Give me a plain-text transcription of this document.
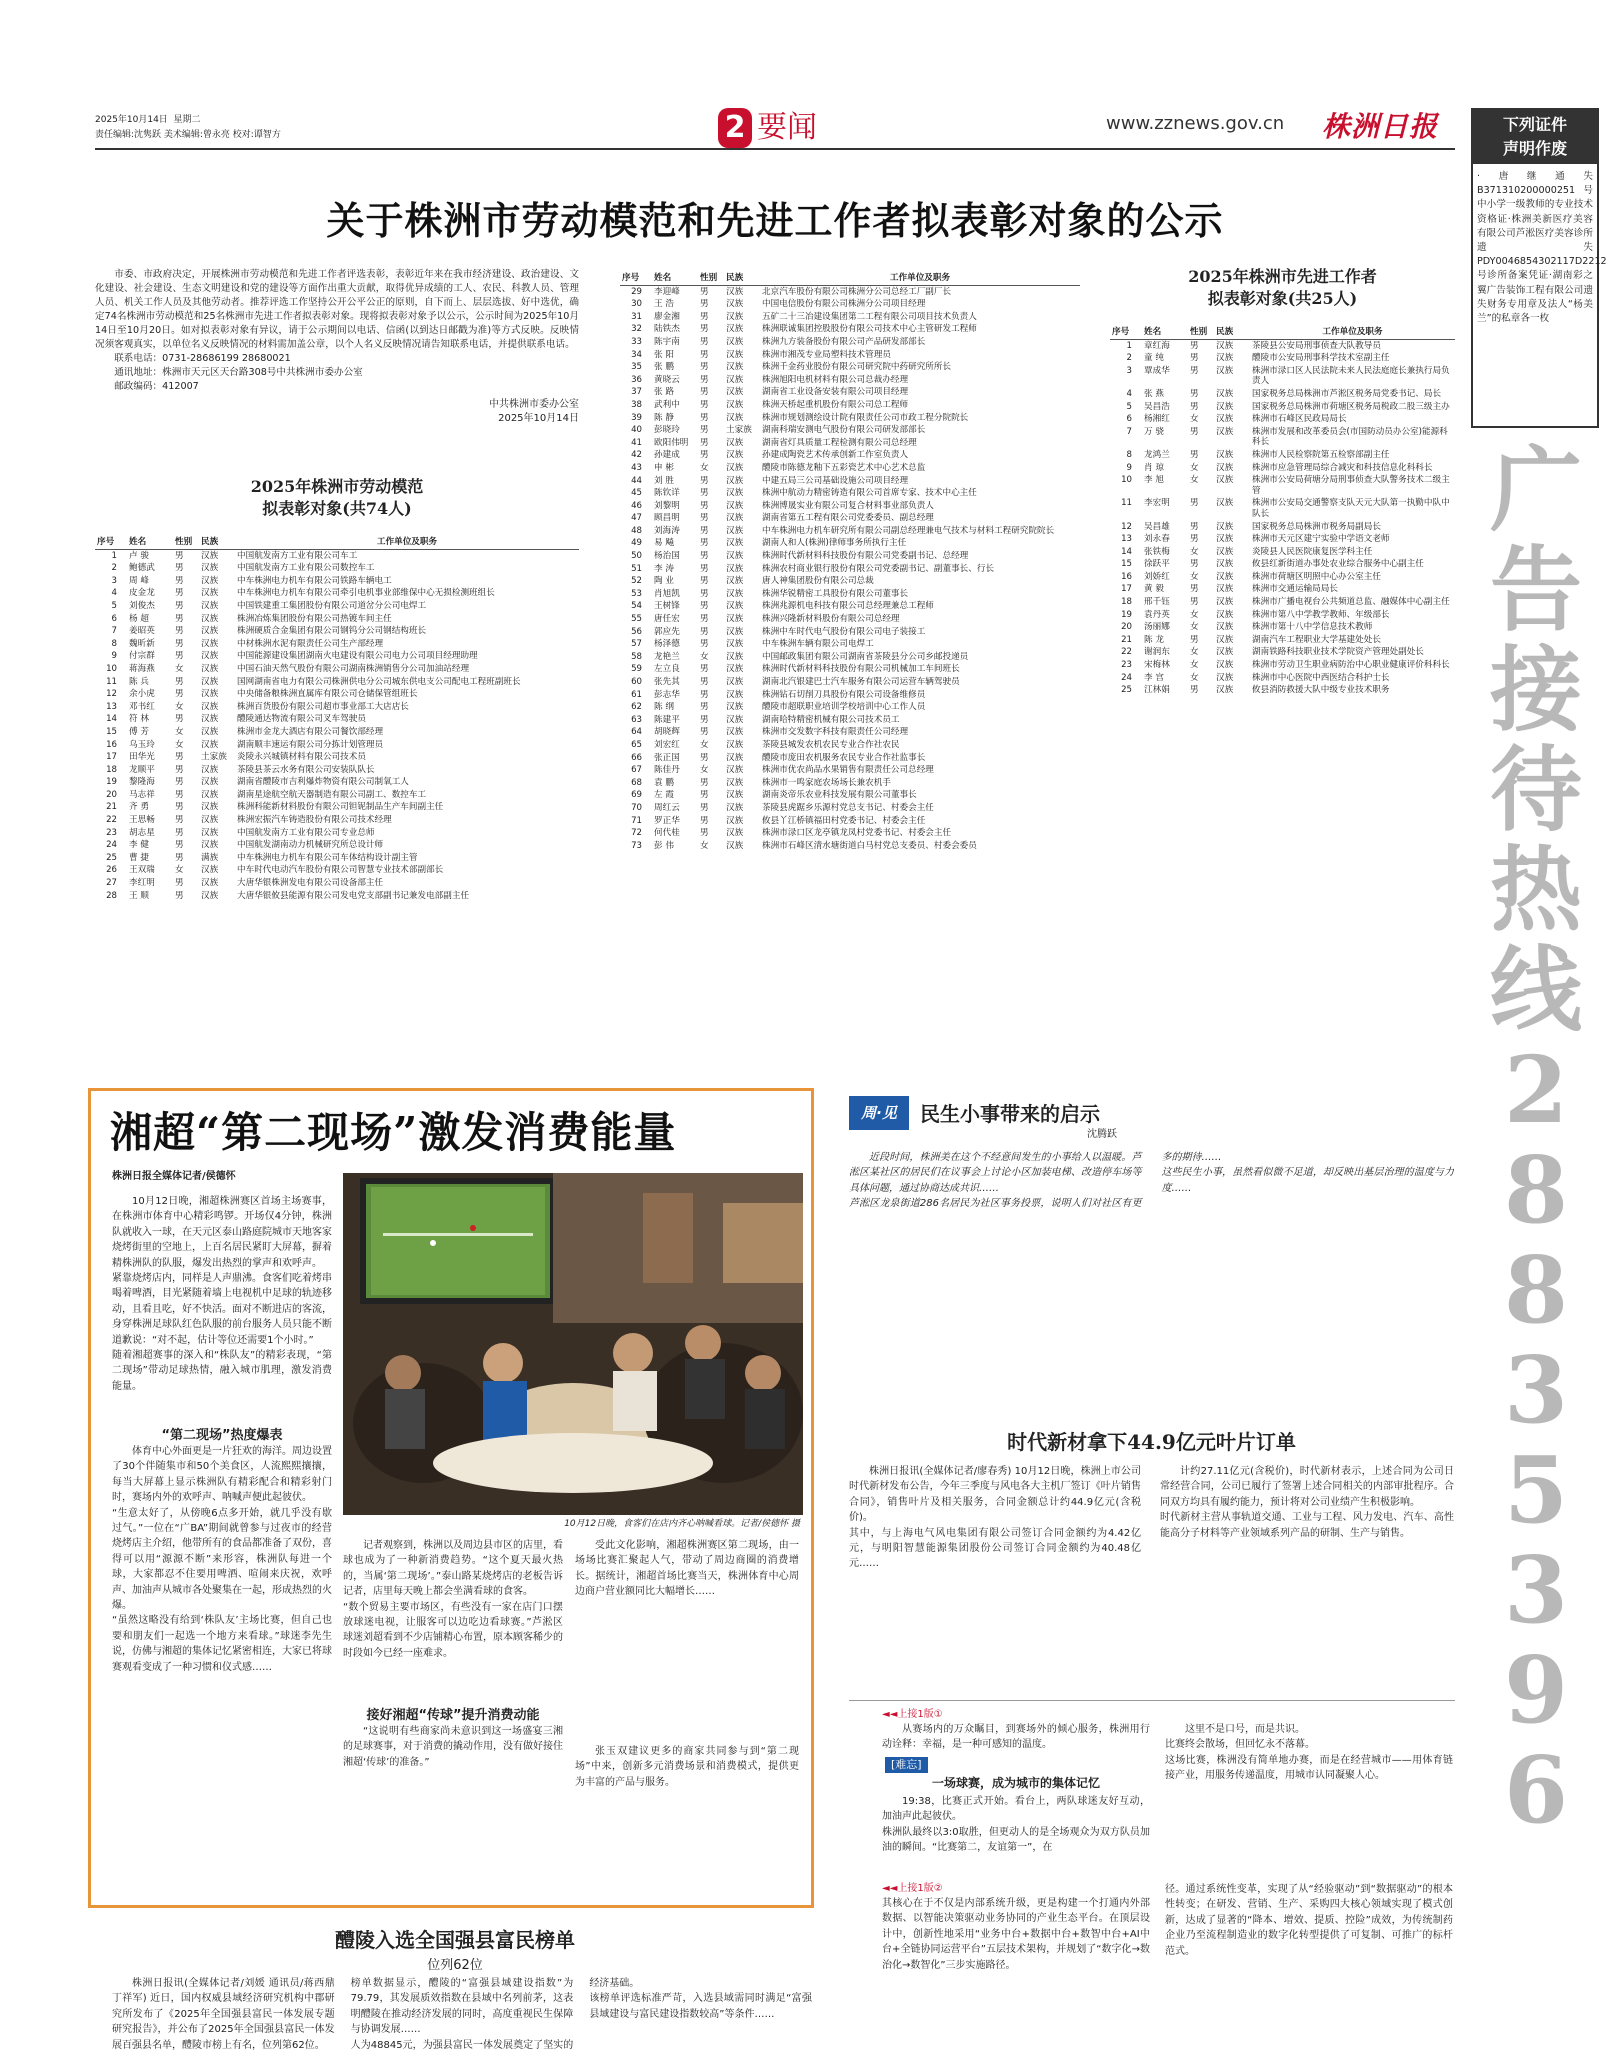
2025年10月14日 星期二
责任编辑:沈隽跃 美术编辑:曾永亮 校对:谭智方	2 要闻	www.zznews.gov.cn 株洲日报	下列证件
声明作废
·唐继通失B371310200000251号中小学一级教师的专业技术资格证·株洲美新医疗美容有限公司芦淞医疗美容诊所遗失PDY0046854302117D2212号诊所备案凭证·湖南彩之翼广告装饰工程有限公司遗失财务专用章及法人“杨美兰”的私章各一枚
广告接待热线28835396
关于株洲市劳动模范和先进工作者拟表彰对象的公示
市委、市政府决定，开展株洲市劳动模范和先进工作者评选表彰，表彰近年来在我市经济建设、政治建设、文化建设、社会建设、生态文明建设和党的建设等方面作出重大贡献，取得优异成绩的工人、农民、科教人员、管理人员、机关工作人员及其他劳动者。推荐评选工作坚持公开公平公正的原则，自下而上、层层选拔、好中选优，确定74名株洲市劳动模范和25名株洲市先进工作者拟表彰对象。现将拟表彰对象予以公示，公示时间为2025年10月14日至10月20日。如对拟表彰对象有异议，请于公示期间以电话、信函(以到达日邮戳为准)等方式反映。反映情况须客观真实，以单位名义反映情况的材料需加盖公章，以个人名义反映情况请告知联系电话，并提供联系电话。
联系电话：0731-28686199 28680021
通讯地址：株洲市天元区天台路308号中共株洲市委办公室
邮政编码：412007
中共株洲市委办公室
2025年10月14日
2025年株洲市劳动模范
拟表彰对象(共74人)
序号	姓名	性别	民族	工作单位及职务
1	卢 骏	男	汉族	中国航发南方工业有限公司车工
2	鲍德武	男	汉族	中国航发南方工业有限公司数控车工
3	周 峰	男	汉族	中车株洲电力机车有限公司铁路车辆电工
4	皮金龙	男	汉族	中车株洲电力机车有限公司牵引电机事业部维保中心无损检测班组长
5	刘俊杰	男	汉族	中国铁建重工集团股份有限公司道岔分公司电焊工
6	杨 超	男	汉族	株洲冶炼集团股份有限公司热镀车间主任
7	姜昭英	男	汉族	株洲硬质合金集团有限公司钢钨分公司钢结构班长
8	魏昕新	男	汉族	中材株洲水泥有限责任公司生产部经理
9	付宗群	男	汉族	中国能源建设集团湖南火电建设有限公司电力公司项目经理助理
10	蒋海燕	女	汉族	中国石油天然气股份有限公司湖南株洲销售分公司加油站经理
11	陈 兵	男	汉族	国网湖南省电力有限公司株洲供电分公司城东供电支公司配电工程班副班长
12	余小虎	男	汉族	中央储备粮株洲直属库有限公司仓储保管组班长
13	邓书红	女	汉族	株洲百货股份有限公司超市事业部工大店店长
14	符 林	男	汉族	醴陵通达物流有限公司叉车驾驶员
15	傅 芳	女	汉族	株洲市金龙大酒店有限公司餐饮部经理
16	乌玉玲	女	汉族	湖南顺丰速运有限公司分拣计划管理员
17	田华光	男	土家族	炎陵永兴城镇材料有限公司技术员
18	龙顺平	男	汉族	茶陵县茶云水务有限公司安装队队长
19	黎隆海	男	汉族	湖南省醴陵市吉利爆炸物资有限公司制氧工人
20	马志祥	男	汉族	湖南星途航空航天器制造有限公司副工、数控车工
21	齐 勇	男	汉族	株洲科能新材料股份有限公司钽铌制品生产车间副主任
22	王思畅	男	汉族	株洲宏振汽车铸造股份有限公司技术经理
23	胡志星	男	汉族	中国航发南方工业有限公司专业总师
24	李 健	男	汉族	中国航发湖南动力机械研究所总设计师
25	曹 捷	男	满族	中车株洲电力机车有限公司车体结构设计副主管
26	王双瑞	女	汉族	中车时代电动汽车股份有限公司智慧专业技术部副部长
27	李红明	男	汉族	大唐华银株洲发电有限公司设备部主任
28	王 顺	男	汉族	大唐华银攸县能源有限公司发电党支部副书记兼发电部副主任
序号	姓名	性别	民族	工作单位及职务
29	李迎峰	男	汉族	北京汽车股份有限公司株洲分公司总经工厂副厂长
30	王 浩	男	汉族	中国电信股份有限公司株洲分公司项目经理
31	廖金湘	男	汉族	五矿二十三冶建设集团第二工程有限公司项目技术负责人
32	陆铁杰	男	汉族	株洲联诚集团控股股份有限公司技术中心主管研发工程师
33	陈宇南	男	汉族	株洲九方装备股份有限公司产品研发部部长
34	张 阳	男	汉族	株洲市湘茂专业局塑料技术管理员
35	张 鹏	男	汉族	株洲千金药业股份有限公司研究院中药研究所所长
36	黄晓云	男	汉族	株洲旭阳电机材料有限公司总裁办经理
37	张 路	男	汉族	湖南省工业设备安装有限公司项目经理
38	武利中	男	汉族	株洲天桥起重机股份有限公司总工程师
39	陈 静	男	汉族	株洲市规划测绘设计院有限责任公司市政工程分院院长
40	彭晓玲	男	土家族	湖南科瑞安测电气股份有限公司研发部部长
41	欧阳伟明	男	汉族	湖南省灯具质量工程检测有限公司总经理
42	孙建成	男	汉族	孙建成陶瓷艺术传承创新工作室负责人
43	申 彬	女	汉族	醴陵市陈德龙釉下五彩瓷艺术中心艺术总监
44	刘 胜	男	汉族	中建五局三公司基础设施公司项目经理
45	陈钦详	男	汉族	株洲中航动力精密铸造有限公司首席专家、技术中心主任
46	刘黎明	男	汉族	株洲博晟实业有限公司复合材料事业部负责人
47	顾昌明	男	汉族	湖南省第五工程有限公司党委委员、副总经理
48	刘海涛	男	汉族	中车株洲电力机车研究所有限公司副总经理兼电气技术与材料工程研究院院长
49	易 飚	男	汉族	湖南人和人(株洲)律师事务所执行主任
50	杨治国	男	汉族	株洲时代新材料科技股份有限公司党委副书记、总经理
51	李 涛	男	汉族	株洲农村商业银行股份有限公司党委副书记、副董事长、行长
52	陶 业	男	汉族	唐人神集团股份有限公司总裁
53	肖旭凯	男	汉族	株洲华锐精密工具股份有限公司董事长
54	王树锋	男	汉族	株洲兆源机电科技有限公司总经理兼总工程师
55	唐任宏	男	汉族	株洲兴隆新材料股份有限公司总经理
56	郭应先	男	汉族	株洲中车时代电气股份有限公司电子装接工
57	杨泽德	男	汉族	中车株洲车辆有限公司电焊工
58	龙艳兰	女	汉族	中国邮政集团有限公司湖南省茶陵县分公司乡邮投递员
59	左立良	男	汉族	株洲时代新材料科技股份有限公司机械加工车间班长
60	张先其	男	汉族	湖南北汽银建巴士汽车服务有限公司运营车辆驾驶员
61	彭志华	男	汉族	株洲钻石切削刀具股份有限公司设备维修员
62	陈 纲	男	汉族	醴陵市超联职业培训学校培训中心工作人员
63	陈建平	男	汉族	湖南哈特精密机械有限公司技术员工
64	胡晓辉	男	汉族	株洲市交发数字科技有限责任公司经理
65	刘宏红	女	汉族	茶陵县城发农机农民专业合作社农民
66	张正国	男	汉族	醴陵市庞田农机服务农民专业合作社监事长
67	陈佳丹	女	汉族	株洲市优农尚品水果销售有限责任公司总经理
68	袁 鹏	男	汉族	株洲市一鸣家庭农场场长兼农机手
69	左 霞	男	汉族	湖南炎帝乐农业科技发展有限公司董事长
70	周红云	男	汉族	茶陵县虎踞乡乐源村党总支书记、村委会主任
71	罗正华	男	汉族	攸县丫江桥镇福田村党委书记、村委会主任
72	何代桂	男	汉族	株洲市渌口区龙亭镇龙凤村党委书记、村委会主任
73	彭 伟	女	汉族	株洲市石峰区清水塘街道白马村党总支委员、村委会委员
2025年株洲市先进工作者
拟表彰对象(共25人)
序号	姓名	性别	民族	工作单位及职务
1	章红海	男	汉族	茶陵县公安局刑事侦查大队教导员
2	童 纯	男	汉族	醴陵市公安局刑事科学技术室副主任
3	覃成华	男	汉族	株洲市渌口区人民法院未来人民法庭庭长兼执行局负责人
4	张 燕	男	汉族	国家税务总局株洲市芦淞区税务局党委书记、局长
5	吴昌浩	男	汉族	国家税务总局株洲市荷塘区税务局税政二股三级主办
6	杨湘红	女	汉族	株洲市石峰区民政局局长
7	万 骁	男	汉族	株洲市发展和改革委员会(市国防动员办公室)能源科科长
8	龙鸿兰	男	汉族	株洲市人民检察院第五检察部副主任
9	肖 琼	女	汉族	株洲市应急管理局综合减灾和科技信息化科科长
10	李 旭	女	汉族	株洲市公安局荷塘分局刑事侦查大队警务技术二级主管
11	李宏明	男	汉族	株洲市公安局交通警察支队天元大队第一执勤中队中队长
12	吴昌雄	男	汉族	国家税务总局株洲市税务局副局长
13	刘永春	男	汉族	株洲市天元区建宁实验中学语文老师
14	张铁梅	女	汉族	炎陵县人民医院康复医学科主任
15	徐跃平	男	汉族	攸县红新街道办事处农业综合服务中心副主任
16	刘娇红	女	汉族	株洲市荷塘区明照中心办公室主任
17	黄 毅	男	汉族	株洲市交通运输局局长
18	邢千钰	男	汉族	株洲市广播电视台公共频道总监、融媒体中心副主任
19	袁丹英	女	汉族	株洲市第八中学教学教师、年级部长
20	汤丽娜	女	汉族	株洲市第十八中学信息技术教师
21	陈 龙	男	汉族	湖南汽车工程职业大学基建处处长
22	谢润东	女	汉族	湖南铁路科技职业技术学院资产管理处副处长
23	宋梅林	女	汉族	株洲市劳动卫生职业病防治中心职业健康评价科科长
24	李 宫	女	汉族	株洲市中心医院中西医结合科护士长
25	江林娟	男	汉族	攸县消防救援大队中级专业技术职务
湘超“第二现场”激发消费能量
株洲日报全媒体记者/侯德怀
10月12日晚，湘超株洲赛区首场主场赛事，在株洲市体育中心精彩鸣锣。开场仅4分钟，株洲队就收入一球，在天元区泰山路庭院城市天地客家烧烤街里的空地上，上百名居民紧盯大屏幕，摒着精株洲队的队服，爆发出热烈的掌声和欢呼声。
紧靠烧烤店内，同样是人声鼎沸。食客们吃着烤串喝着啤酒，目光紧随着墙上电视机中足球的轨迹移动，且看且吃，好不快活。面对不断进店的客流，身穿株洲足球队红色队服的前台服务人员只能不断道歉说：“对不起，估计等位还需要1个小时。”
随着湘超赛事的深入和“株队友”的精彩表现，“第二现场”带动足球热情，融入城市肌理，激发消费能量。
10月12日晚，食客们在店内齐心呐喊看球。记者/侯德怀 摄
“第二现场”热度爆表
体育中心外面更是一片狂欢的海洋。周边设置了30个伴随集市和50个美食区，人流熙熙攘攘，每当大屏幕上显示株洲队有精彩配合和精彩射门时，赛场内外的欢呼声、呐喊声便此起彼伏。
“生意太好了，从傍晚6点多开始，就几乎没有歇过气。”一位在“广BA”期间就曾参与过夜市的经营烧烤店主介绍，他带所有的食品都准备了双份，喜得可以用“源源不断”来形容，株洲队每进一个球，大家都忍不住要用啤酒、喧闹来庆祝，欢呼声、加油声从城市各处聚集在一起，形成热烈的火爆。
“虽然这略没有给到‘株队友’主场比赛，但自己也要和朋友们一起选一个地方来看球。”球迷李先生说，仿佛与湘超的集体记忆紧密相连，大家已将球赛观看变成了一种习惯和仪式感……
记者观察到，株洲以及周边县市区的店里，看球也成为了一种新消费趋势。“这个夏天最火热的，当属‘第二现场’。”泰山路某烧烤店的老板告诉记者，店里每天晚上都会坐满看球的食客。
“数个贸易主要市场区，有些没有一家在店门口摆放球迷电视，让服客可以边吃边看球赛。”芦淞区球迷刘超看到不少店铺精心布置，原本顾客稀少的时段如今已经一座难求。
接好湘超“传球”提升消费动能
“这说明有些商家尚未意识到这一场盛宴三湘的足球赛事，对于消费的撬动作用，没有做好接住湘超‘传球’的准备。”
受此文化影响，湘超株洲赛区第二现场，由一场场比赛汇聚起人气，带动了周边商圈的消费增长。据统计，湘超首场比赛当天，株洲体育中心周边商户营业额同比大幅增长……
张玉双建议更多的商家共同参与到“第二现场”中来，创新多元消费场景和消费模式，提供更为丰富的产品与服务。
周·见	民生小事带来的启示
沈腾跃
近段时间，株洲美在这个不经意间发生的小事给人以温暖。芦淞区某社区的居民们在议事会上讨论小区加装电梯、改造停车场等具体问题，通过协商达成共识……
芦淞区龙泉街道286名居民为社区事务投票，说明人们对社区有更多的期待……
这些民生小事，虽然看似微不足道，却反映出基层治理的温度与力度……
时代新材拿下44.9亿元叶片订单
株洲日报讯(全媒体记者/廖春秀) 10月12日晚，株洲上市公司时代新材发布公告，今年三季度与风电各大主机厂签订《叶片销售合同》，销售叶片及相关服务，合同金额总计约44.9亿元(含税价)。
其中，与上海电气风电集团有限公司签订合同金额约为4.42亿元，与明阳智慧能源集团股份公司签订合同金额约为40.48亿元……
计约27.11亿元(含税价)，时代新材表示，上述合同为公司日常经营合同，公司已履行了签署上述合同相关的内部审批程序。合同双方均具有履约能力，预计将对公司业绩产生积极影响。
时代新材主营从事轨道交通、工业与工程、风力发电、汽车、高性能高分子材料等产业领域系列产品的研制、生产与销售。
◄◄上接1版①
从赛场内的万众瞩目，到赛场外的倾心服务，株洲用行动诠释：幸福，是一种可感知的温度。
[难忘]
一场球赛，成为城市的集体记忆
19:38，比赛正式开始。看台上，两队球迷友好互动，加油声此起彼伏。
株洲队最终以3:0取胜，但更动人的是全场观众为双方队员加油的瞬间。“比赛第二，友谊第一”，在
这里不是口号，而是共识。
比赛终会散场，但回忆永不落幕。
这场比赛，株洲没有简单地办赛，而是在经营城市——用体育链接产业，用服务传递温度，用城市认同凝聚人心。
◄◄上接1版②
其核心在于不仅是内部系统升级，更是构建一个打通内外部数据、以智能决策驱动业务协同的产业生态平台。在顶层设计中，创新性地采用“业务中台+数据中台+数智中台+AI中台+全链协同运营平台”五层技术架构，并规划了“数字化→数治化→数智化”三步实施路径。
径。通过系统性变革，实现了从“经验驱动”到“数据驱动”的根本性转变；在研发、营销、生产、采购四大核心领域实现了模式创新，达成了显著的“降本、增效、提质、控险”成效，为传统制药企业乃至流程制造业的数字化转型提供了可复制、可推广的标杆范式。
醴陵入选全国强县富民榜单
位列62位
株洲日报讯(全媒体记者/刘媛 通讯员/蒋西鼎 丁祥军) 近日，国内权威县域经济研究机构中郡研究所发布了《2025年全国强县富民一体发展专题研究报告》，并公布了2025年全国强县富民一体发展百强县名单，醴陵市榜上有名，位列第62位。
榜单数据显示，醴陵的“富强县域建设指数”为79.79，其发展质效指数在县域中名列前茅，这表明醴陵在推动经济发展的同时，高度重视民生保障与协调发展……
人为48845元，为强县富民一体发展奠定了坚实的经济基础。
该榜单评选标准严苛，入选县域需同时满足“富强县域建设与富民建设指数较高”等条件……
